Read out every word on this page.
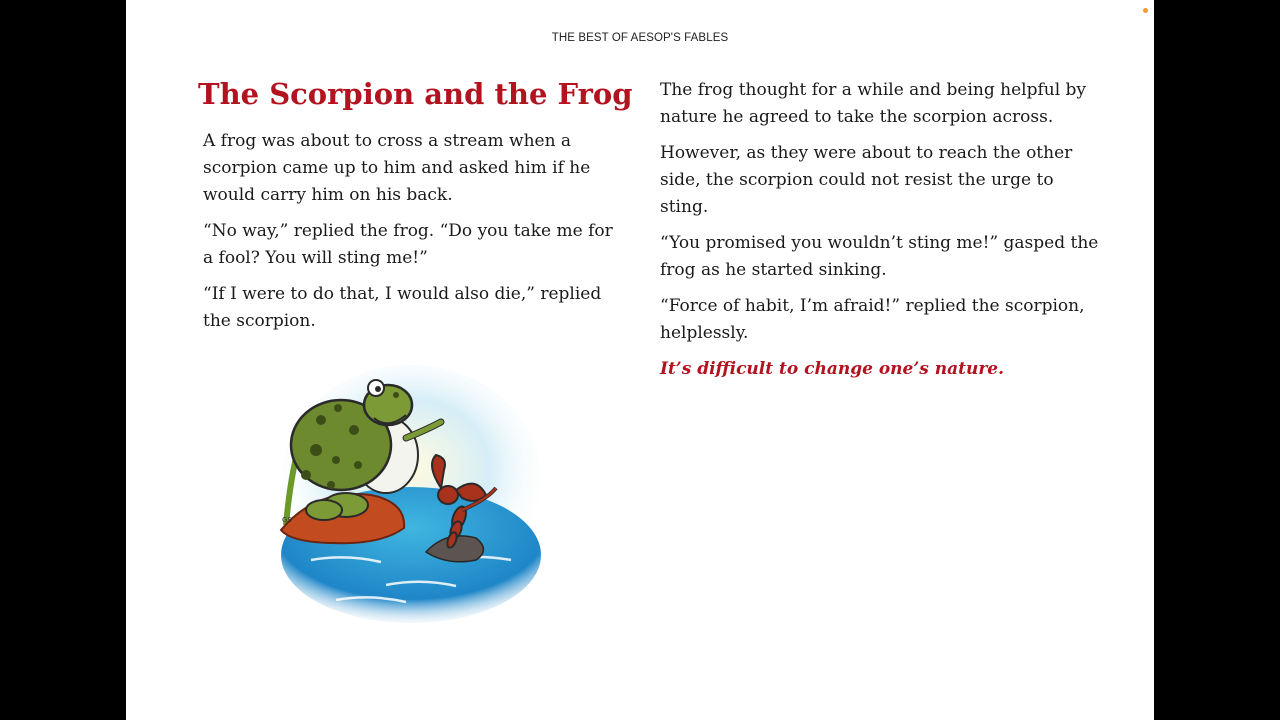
THE BEST OF AESOP'S FABLES
The Scorpion and the Frog

A frog was about to cross a stream when a scorpion came up to him and asked him if he would carry him on his back.

“No way,” replied the frog. “Do you take me for a fool? You will sting me!”

“If I were to do that, I would also die,” replied the scorpion.

The frog thought for a while and being helpful by nature he agreed to take the scorpion across.

However, as they were about to reach the other side, the scorpion could not resist the urge to sting.

“You promised you wouldn’t sting me!” gasped the frog as he started sinking.

“Force of habit, I’m afraid!” replied the scorpion, helplessly.

It’s difficult to change one’s nature.

GS
